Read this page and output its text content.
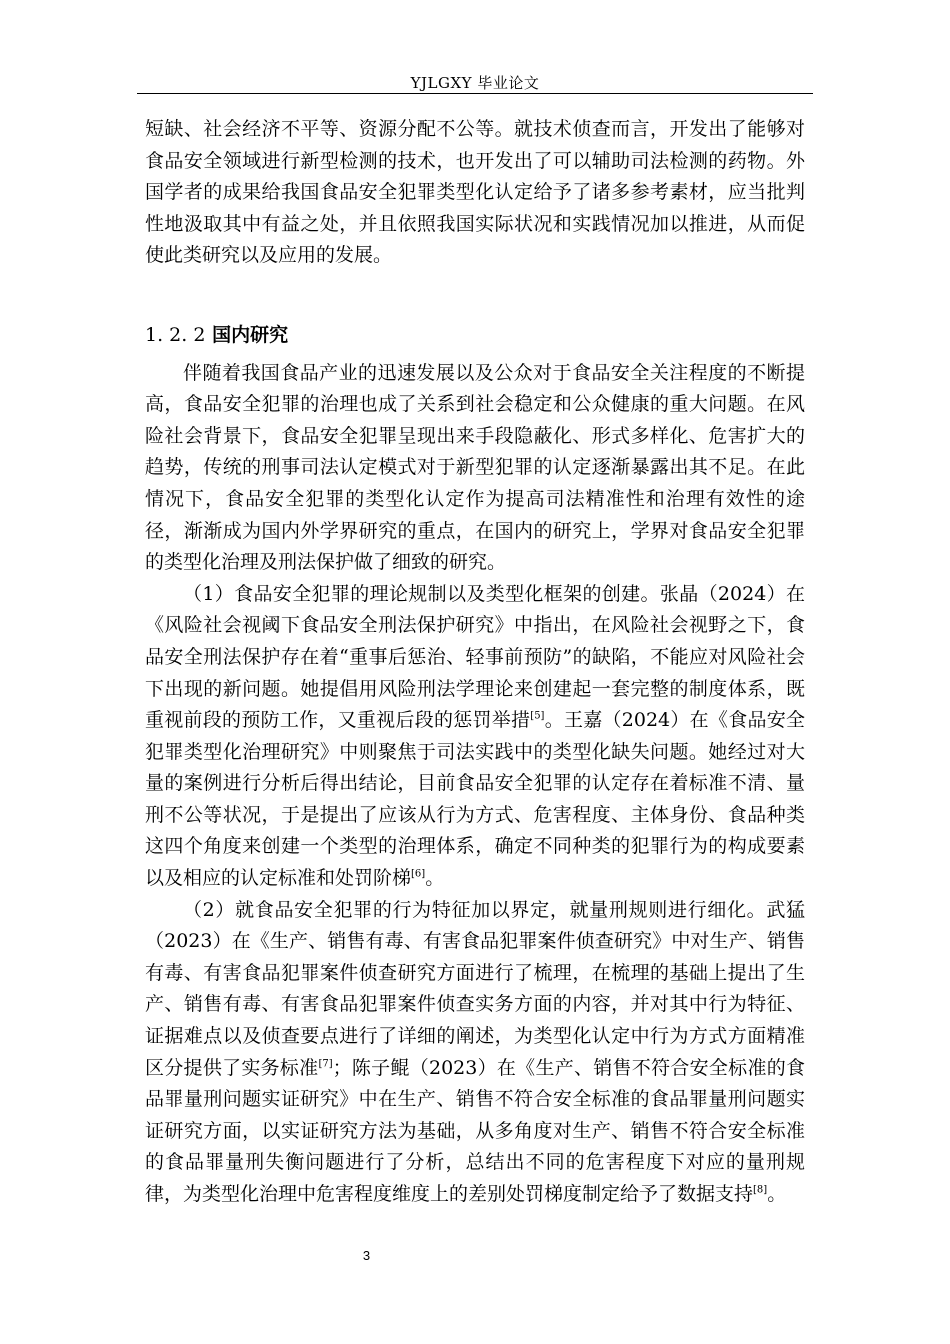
YJLGXY 毕业论文

短缺、社会经济不平等、资源分配不公等。就技术侦查而言，开发出了能够对食品安全领域进行新型检测的技术，也开发出了可以辅助司法检测的药物。外国学者的成果给我国食品安全犯罪类型化认定给予了诸多参考素材，应当批判性地汲取其中有益之处，并且依照我国实际状况和实践情况加以推进，从而促使此类研究以及应用的发展。

1. 2. 2 国内研究

伴随着我国食品产业的迅速发展以及公众对于食品安全关注程度的不断提高，食品安全犯罪的治理也成了关系到社会稳定和公众健康的重大问题。在风险社会背景下，食品安全犯罪呈现出来手段隐蔽化、形式多样化、危害扩大的趋势，传统的刑事司法认定模式对于新型犯罪的认定逐渐暴露出其不足。在此情况下，食品安全犯罪的类型化认定作为提高司法精准性和治理有效性的途径，渐渐成为国内外学界研究的重点，在国内的研究上，学界对食品安全犯罪的类型化治理及刑法保护做了细致的研究。

（1）食品安全犯罪的理论规制以及类型化框架的创建。张晶（2024）在《风险社会视阈下食品安全刑法保护研究》中指出，在风险社会视野之下，食品安全刑法保护存在着“重事后惩治、轻事前预防”的缺陷，不能应对风险社会下出现的新问题。她提倡用风险刑法学理论来创建起一套完整的制度体系，既重视前段的预防工作，又重视后段的惩罚举措[5]。王嘉（2024）在《食品安全犯罪类型化治理研究》中则聚焦于司法实践中的类型化缺失问题。她经过对大量的案例进行分析后得出结论，目前食品安全犯罪的认定存在着标准不清、量刑不公等状况，于是提出了应该从行为方式、危害程度、主体身份、食品种类这四个角度来创建一个类型的治理体系，确定不同种类的犯罪行为的构成要素以及相应的认定标准和处罚阶梯[6]。

（2）就食品安全犯罪的行为特征加以界定，就量刑规则进行细化。武猛（2023）在《生产、销售有毒、有害食品犯罪案件侦查研究》中对生产、销售有毒、有害食品犯罪案件侦查研究方面进行了梳理，在梳理的基础上提出了生产、销售有毒、有害食品犯罪案件侦查实务方面的内容，并对其中行为特征、证据难点以及侦查要点进行了详细的阐述，为类型化认定中行为方式方面精准区分提供了实务标准[7]；陈子鲲（2023）在《生产、销售不符合安全标准的食品罪量刑问题实证研究》中在生产、销售不符合安全标准的食品罪量刑问题实证研究方面，以实证研究方法为基础，从多角度对生产、销售不符合安全标准的食品罪量刑失衡问题进行了分析，总结出不同的危害程度下对应的量刑规律，为类型化治理中危害程度维度上的差别处罚梯度制定给予了数据支持[8]。

3
